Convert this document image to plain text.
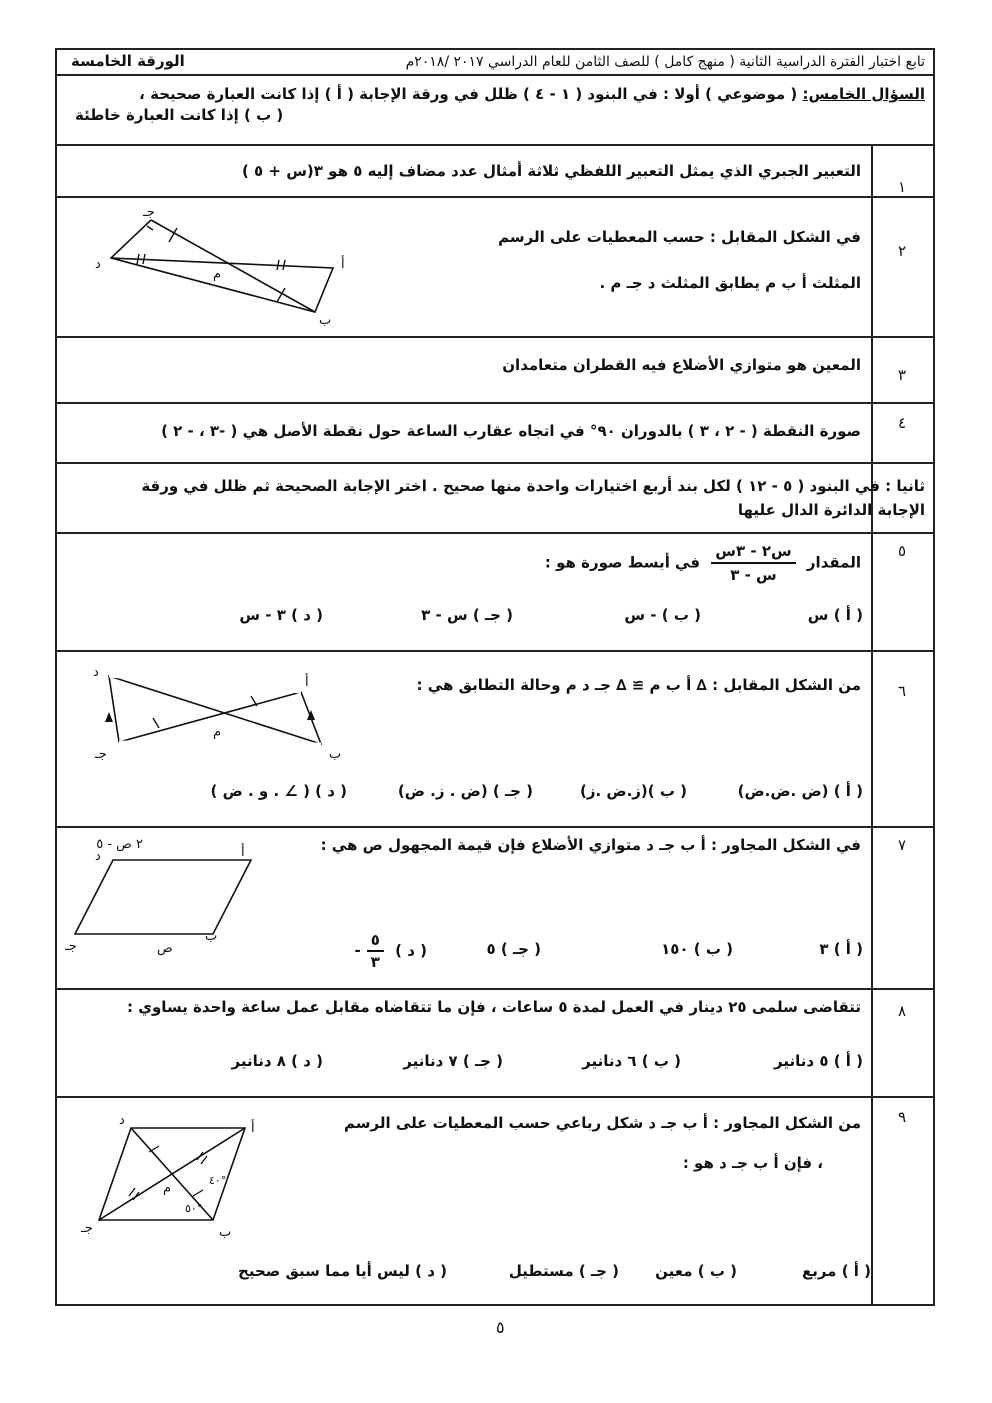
تابع اختبار الفترة الدراسية الثانية ( منهج كامل ) للصف الثامن للعام الدراسي ٢٠١٧ /٢٠١٨م
الورقة الخامسة
السؤال الخامس: ( موضوعي ) أولا : في البنود ( ١ - ٤ ) ظلل في ورقة الإجابة ( أ ) إذا كانت العبارة صحيحة ،
( ب ) إذا كانت العبارة خاطئة
١
التعبير الجبري الذي يمثل التعبير اللفظي ثلاثة أمثال عدد مضاف إليه ٥ هو ٣(س + ٥ )
٢
في الشكل المقابل : حسب المعطيات على الرسم
المثلث أ ب م يطابق المثلث د جـ م .
جـ
د	أ
ب
م
٣
المعين هو متوازي الأضلاع فيه القطران متعامدان
٤
صورة النقطة ( - ٢ ، ٣ ) بالدوران ٩٠° في اتجاه عقارب الساعة حول نقطة الأصل هي ( -٣ ، - ٢ )
ثانيا : في البنود ( ٥ - ١٢ ) لكل بند أربع اختيارات واحدة منها صحيح . اختر الإجابة الصحيحة ثم ظلل في ورقة
الإجابة الدائرة الدال عليها
٥
المقدار
$\frac{\text{س٢ - ٣س}}{\text{س - ٣}}$
في أبسط صورة هو :
( أ ) س
( ب ) - س
( جـ ) س - ٣
( د ) ٣ - س
٦
من الشكل المقابل : ∆ أ ب م ≅ ∆ جـ د م وحالة التطابق هي :
د
أ
ب
جـ
م
( أ ) (ض .ض.ض)
( ب )(ز.ض .ز)
( جـ ) (ض . ز. ض)
( د ) ( ∠ . و . ض )
٧
في الشكل المجاور : أ ب جـ د متوازي الأضلاع فإن قيمة المجهول ص هي :
د	أ
ب
جـ
٢ ص - ٥
ص	( أ ) ٣
( ب ) ١٥٠
( جـ ) ٥
( د )
$\frac{٥}{٣}$
-
٨
تتقاضى سلمى ٢٥ دينار في العمل لمدة ٥ ساعات ، فإن ما تتقاضاه مقابل عمل ساعة واحدة يساوي :
( أ ) ٥ دنانير
( ب ) ٦ دنانير
( جـ ) ٧ دنانير
( د ) ٨ دنانير
٩
من الشكل المجاور : أ ب جـ د شكل رباعي حسب المعطيات على الرسم
، فإن أ ب جـ د هو :
د
أ
ب
جـ
م
٤٠°
٥٠°
( أ ) مربع
( ب ) معين
( جـ ) مستطيل
( د ) ليس أيا مما سبق صحيح
٥
